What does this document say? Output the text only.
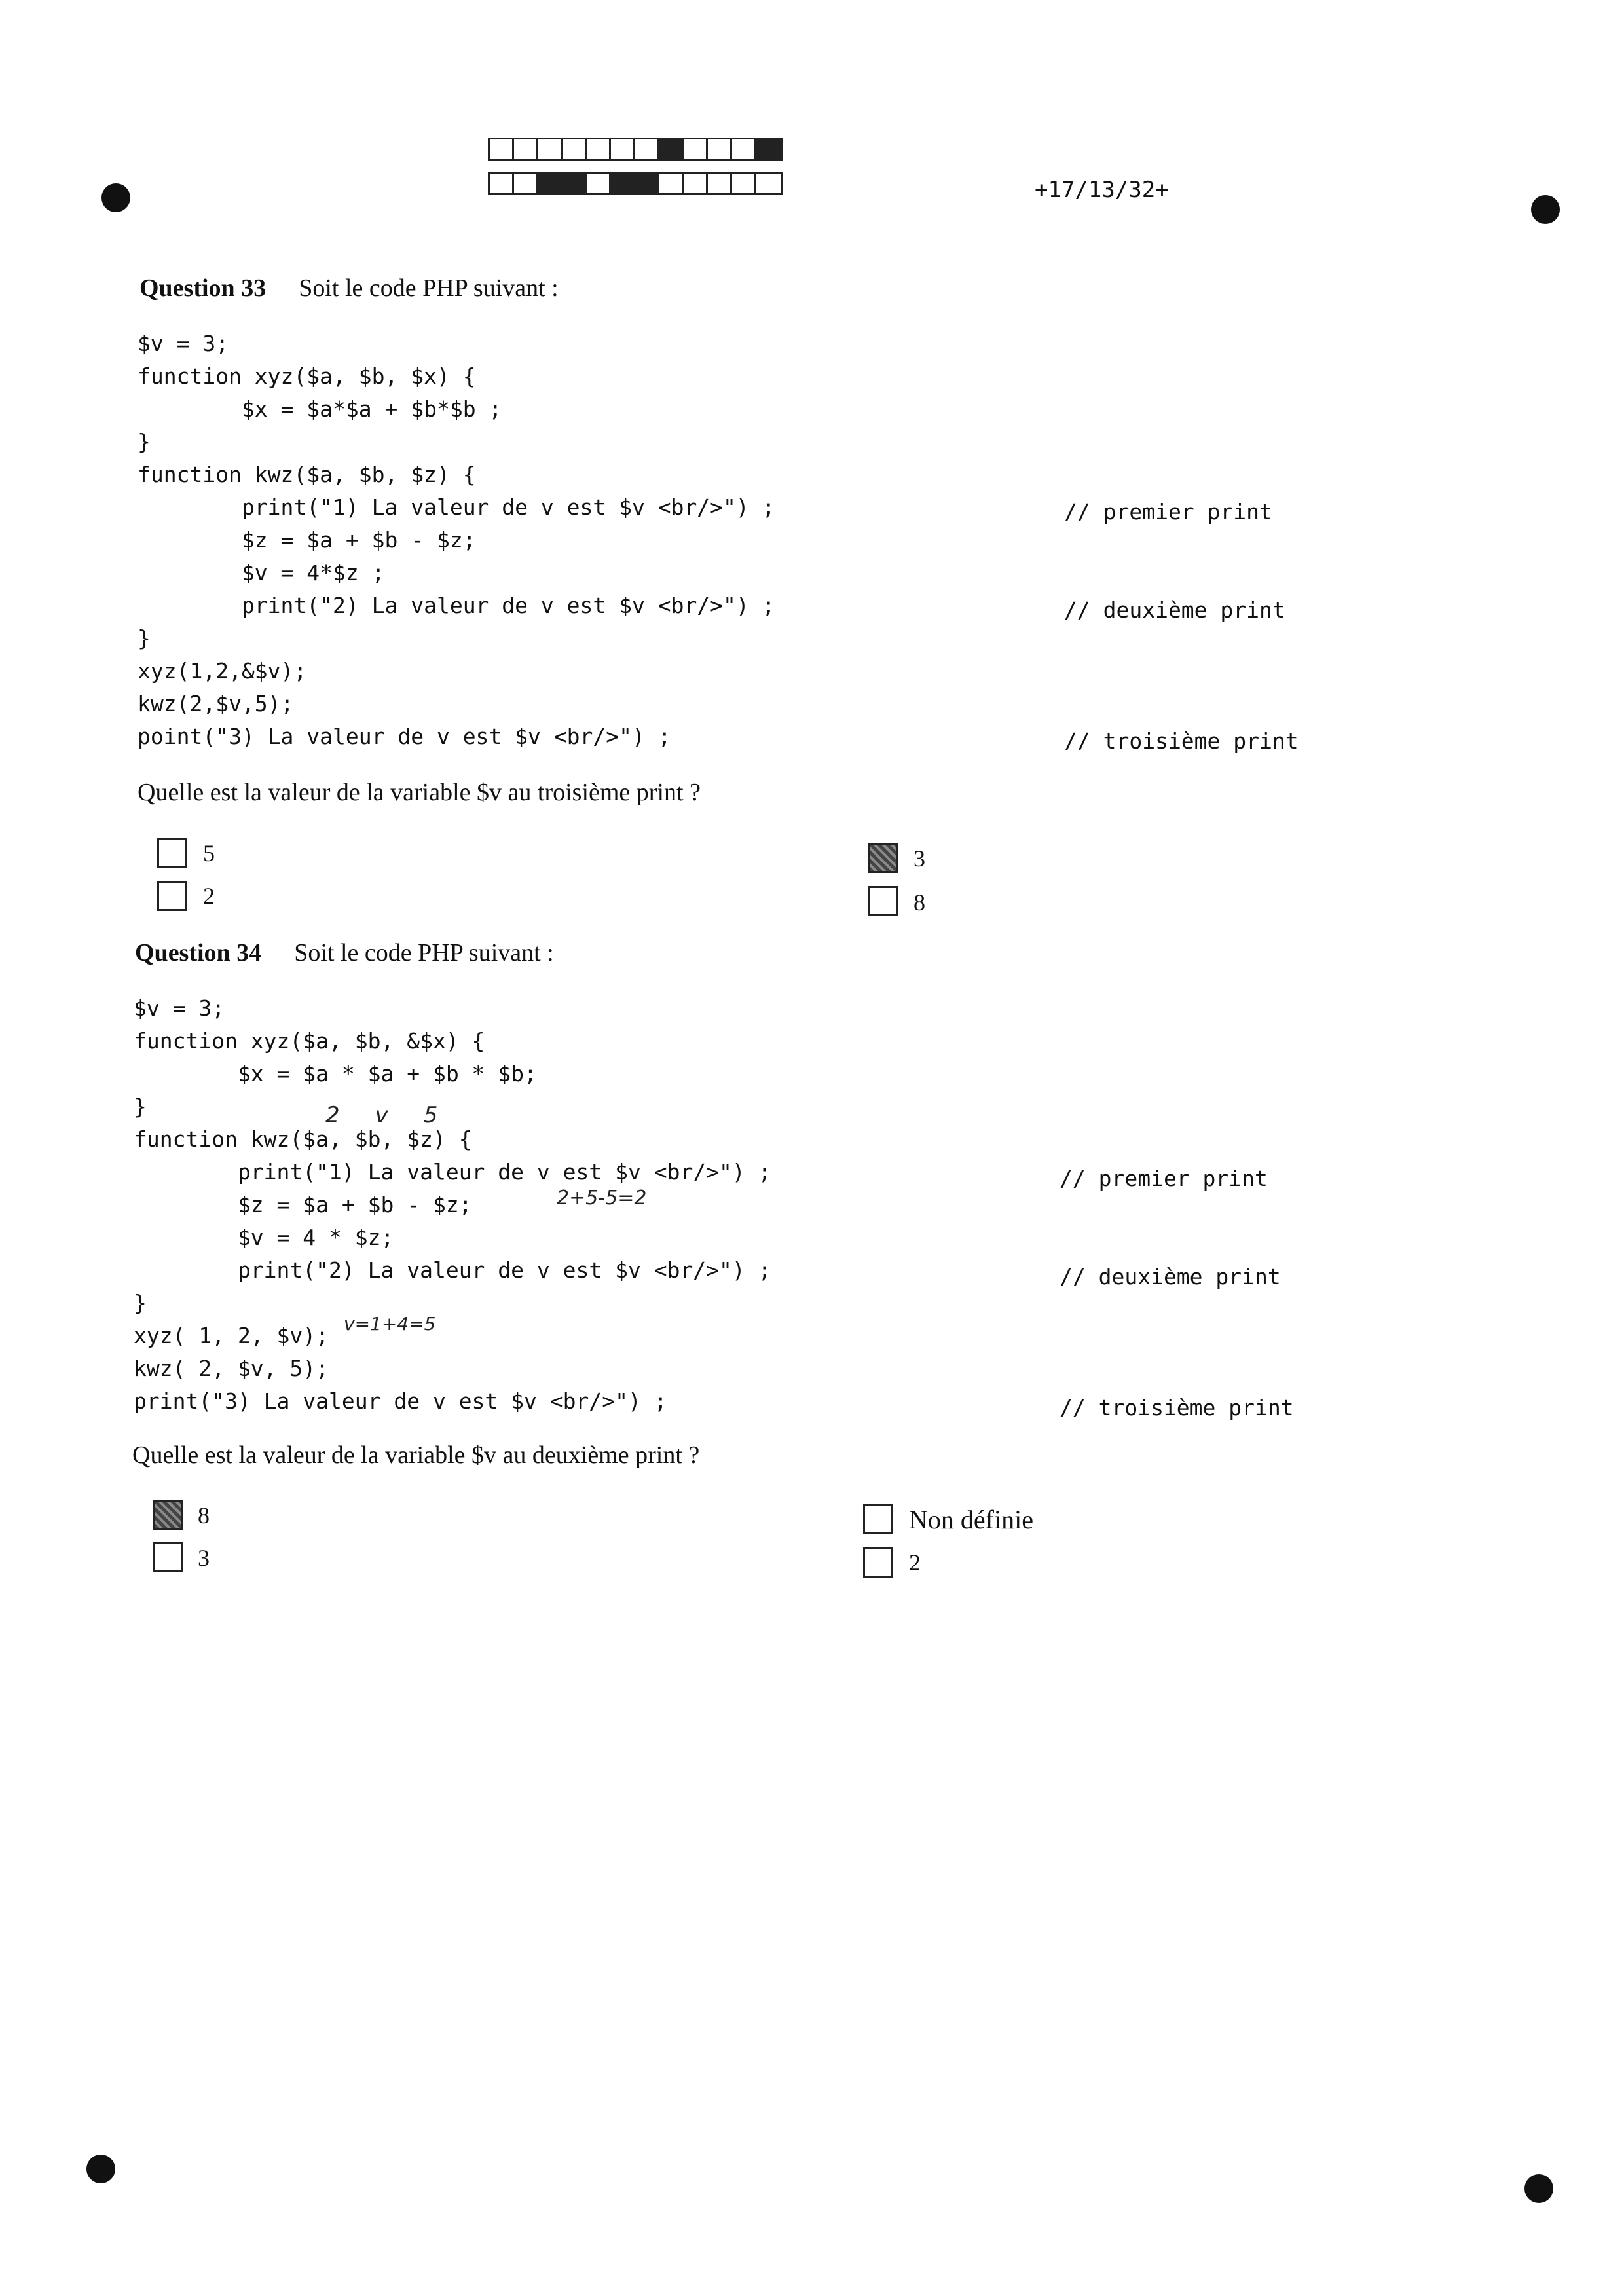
+17/13/32+
Question 33 Soit le code PHP suivant :
$v = 3;
function xyz($a, $b, $x) {
$x = $a*$a + $b*$b ;
}
function kwz($a, $b, $z) {
print("1) La valeur de v est $v <br/>") ;
$z = $a + $b - $z;
$v = 4*$z ;
print("2) La valeur de v est $v <br/>") ;
}
xyz(1,2,&$v);
kwz(2,$v,5);
point("3) La valeur de v est $v <br/>") ;
// premier print
// deuxième print
// troisième print
Quelle est la valeur de la variable $v au troisième print ?
5
2
3
8
Question 34 Soit le code PHP suivant :
$v = 3;
function xyz($a, $b, &$x) {
$x = $a * $a + $b * $b;
}
function kwz($a, $b, $z) {
print("1) La valeur de v est $v <br/>") ;
$z = $a + $b - $z;
$v = 4 * $z;
print("2) La valeur de v est $v <br/>") ;
}
xyz( 1, 2, $v);
kwz( 2, $v, 5);
print("3) La valeur de v est $v <br/>") ;
// premier print
// deuxième print
// troisième print
2     v     5
2+5-5=2
v=1+4=5
Quelle est la valeur de la variable $v au deuxième print ?
8
3
Non définie
2
